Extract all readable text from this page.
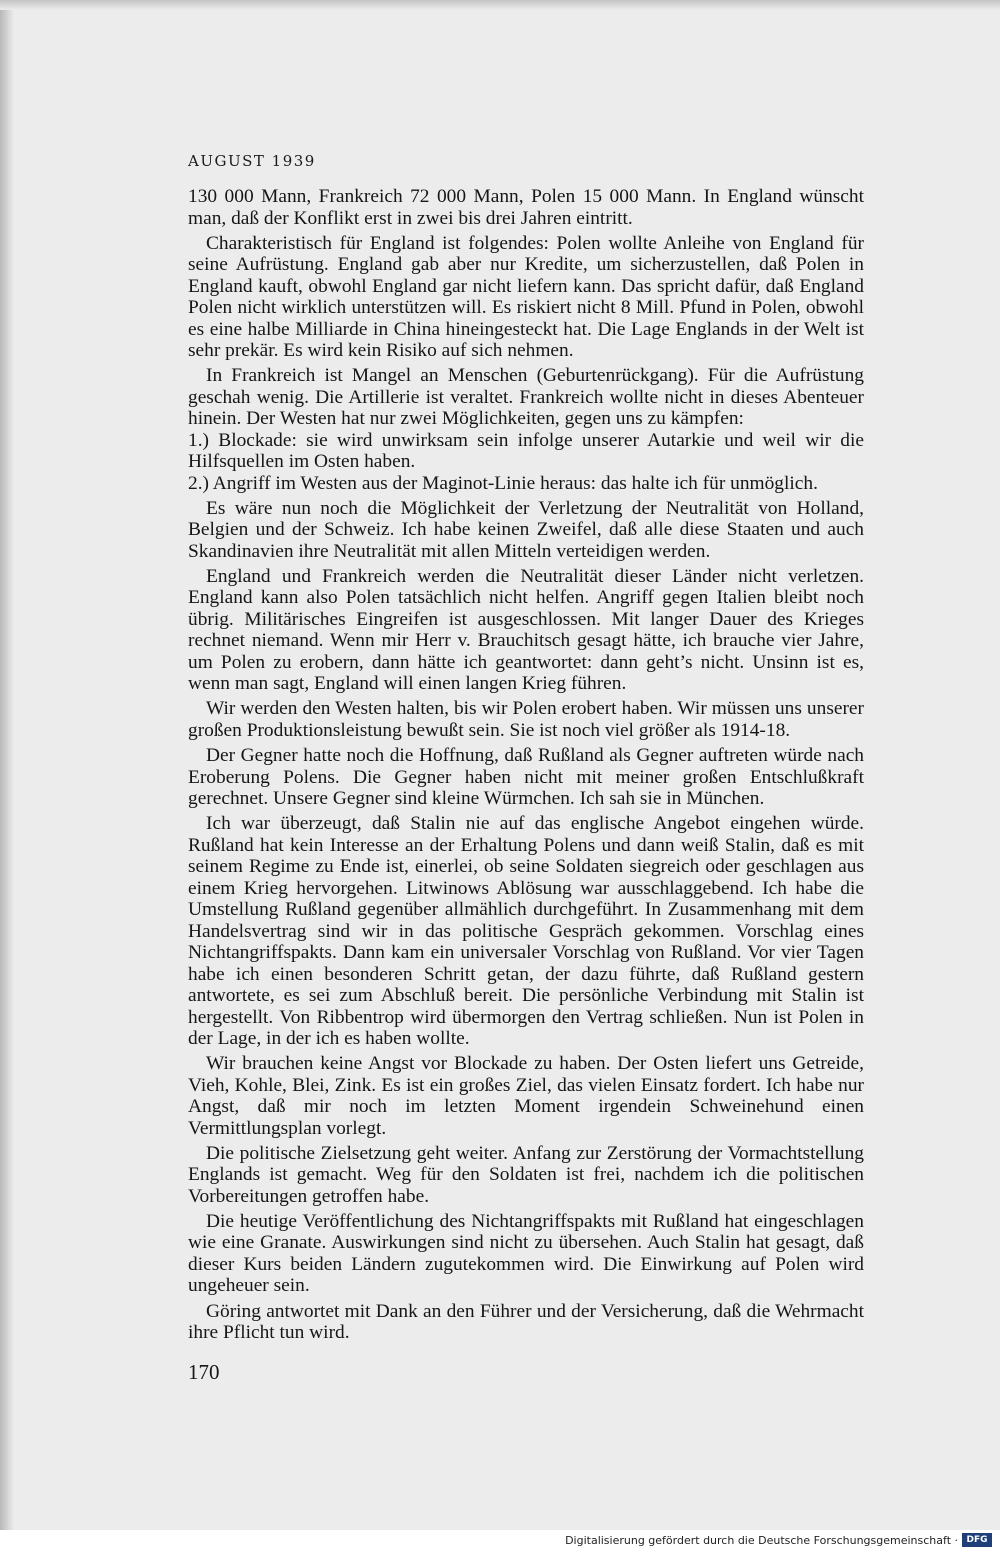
AUGUST 1939

130 000 Mann, Frankreich 72 000 Mann, Polen 15 000 Mann. In England wünscht man, daß der Konflikt erst in zwei bis drei Jahren eintritt.

Charakteristisch für England ist folgendes: Polen wollte Anleihe von England für seine Aufrüstung. England gab aber nur Kredite, um sicherzustellen, daß Polen in England kauft, obwohl England gar nicht liefern kann. Das spricht dafür, daß England Polen nicht wirklich unterstützen will. Es riskiert nicht 8 Mill. Pfund in Polen, obwohl es eine halbe Milliarde in China hineingesteckt hat. Die Lage Englands in der Welt ist sehr prekär. Es wird kein Risiko auf sich nehmen.

In Frankreich ist Mangel an Menschen (Geburtenrückgang). Für die Aufrüstung geschah wenig. Die Artillerie ist veraltet. Frankreich wollte nicht in dieses Abenteuer hinein. Der Westen hat nur zwei Möglichkeiten, gegen uns zu kämpfen:

1.) Blockade: sie wird unwirksam sein infolge unserer Autarkie und weil wir die Hilfsquellen im Osten haben.

2.) Angriff im Westen aus der Maginot-Linie heraus: das halte ich für unmöglich.

Es wäre nun noch die Möglichkeit der Verletzung der Neutralität von Holland, Belgien und der Schweiz. Ich habe keinen Zweifel, daß alle diese Staaten und auch Skandinavien ihre Neutralität mit allen Mitteln verteidigen werden.

England und Frankreich werden die Neutralität dieser Länder nicht verletzen. England kann also Polen tatsächlich nicht helfen. Angriff gegen Italien bleibt noch übrig. Militärisches Eingreifen ist ausgeschlossen. Mit langer Dauer des Krieges rechnet niemand. Wenn mir Herr v. Brauchitsch gesagt hätte, ich brauche vier Jahre, um Polen zu erobern, dann hätte ich geantwortet: dann geht’s nicht. Unsinn ist es, wenn man sagt, England will einen langen Krieg führen.

Wir werden den Westen halten, bis wir Polen erobert haben. Wir müssen uns unserer großen Produktionsleistung bewußt sein. Sie ist noch viel größer als 1914-18.

Der Gegner hatte noch die Hoffnung, daß Rußland als Gegner auftreten würde nach Eroberung Polens. Die Gegner haben nicht mit meiner großen Entschlußkraft gerechnet. Unsere Gegner sind kleine Würmchen. Ich sah sie in München.

Ich war überzeugt, daß Stalin nie auf das englische Angebot eingehen würde. Rußland hat kein Interesse an der Erhaltung Polens und dann weiß Stalin, daß es mit seinem Regime zu Ende ist, einerlei, ob seine Soldaten siegreich oder geschlagen aus einem Krieg hervorgehen. Litwinows Ablösung war ausschlaggebend. Ich habe die Umstellung Rußland gegenüber allmählich durchgeführt. In Zusammenhang mit dem Handelsvertrag sind wir in das politische Gespräch gekommen. Vorschlag eines Nichtangriffspakts. Dann kam ein universaler Vorschlag von Rußland. Vor vier Tagen habe ich einen besonderen Schritt getan, der dazu führte, daß Rußland gestern antwortete, es sei zum Abschluß bereit. Die persönliche Verbindung mit Stalin ist hergestellt. Von Ribbentrop wird übermorgen den Vertrag schließen. Nun ist Polen in der Lage, in der ich es haben wollte.

Wir brauchen keine Angst vor Blockade zu haben. Der Osten liefert uns Getreide, Vieh, Kohle, Blei, Zink. Es ist ein großes Ziel, das vielen Einsatz fordert. Ich habe nur Angst, daß mir noch im letzten Moment irgendein Schweinehund einen Vermittlungsplan vorlegt.

Die politische Zielsetzung geht weiter. Anfang zur Zerstörung der Vormachtstellung Englands ist gemacht. Weg für den Soldaten ist frei, nachdem ich die politischen Vorbereitungen getroffen habe.

Die heutige Veröffentlichung des Nichtangriffspakts mit Rußland hat eingeschlagen wie eine Granate. Auswirkungen sind nicht zu übersehen. Auch Stalin hat gesagt, daß dieser Kurs beiden Ländern zugutekommen wird. Die Einwirkung auf Polen wird ungeheuer sein.

Göring antwortet mit Dank an den Führer und der Versicherung, daß die Wehrmacht ihre Pflicht tun wird.

170
Digitalisierung gefördert durch die Deutsche Forschungsgemeinschaft · DFG
